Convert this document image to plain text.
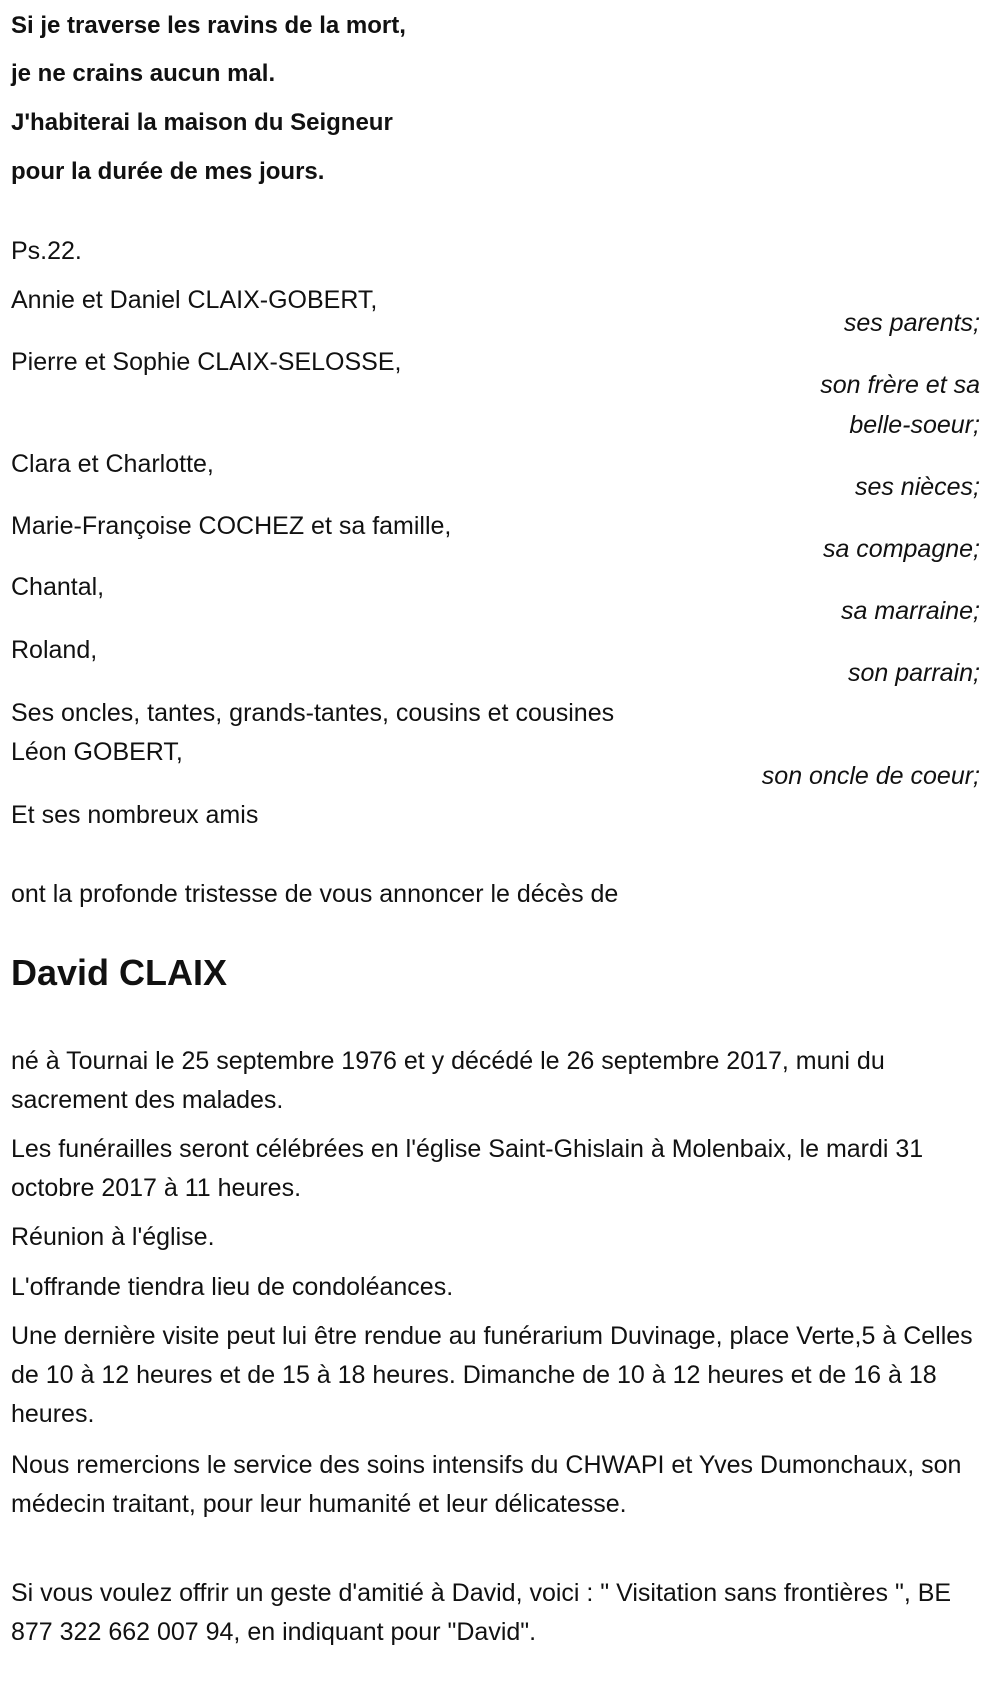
Si je traverse les ravins de la mort,
je ne crains aucun mal.
J'habiterai la maison du Seigneur
pour la durée de mes jours.
Ps.22.
Annie et Daniel CLAIX-GOBERT,
ses parents;
Pierre et Sophie CLAIX-SELOSSE,
son frère et sa
belle-soeur;
Clara et Charlotte,
ses nièces;
Marie-Françoise COCHEZ et sa famille,
sa compagne;
Chantal,
sa marraine;
Roland,
son parrain;
Ses oncles, tantes, grands-tantes, cousins et cousines
Léon GOBERT,
son oncle de coeur;
Et ses nombreux amis
ont la profonde tristesse de vous annoncer le décès de
David CLAIX
né à Tournai le 25 septembre 1976 et y décédé le 26 septembre 2017, muni du sacrement des malades.
Les funérailles seront célébrées en l'église Saint-Ghislain à Molenbaix, le mardi 31 octobre 2017 à 11 heures.
Réunion à l'église.
L'offrande tiendra lieu de condoléances.
Une dernière visite peut lui être rendue au funérarium Duvinage, place Verte,5 à Celles de 10 à 12 heures et de 15 à 18 heures. Dimanche de 10 à 12 heures et de 16 à 18 heures.
Nous remercions le service des soins intensifs du CHWAPI et Yves Dumonchaux, son médecin traitant, pour leur humanité et leur délicatesse.
Si vous voulez offrir un geste d'amitié à David, voici : " Visitation sans frontières ", BE 877 322 662 007 94, en indiquant pour "David".
